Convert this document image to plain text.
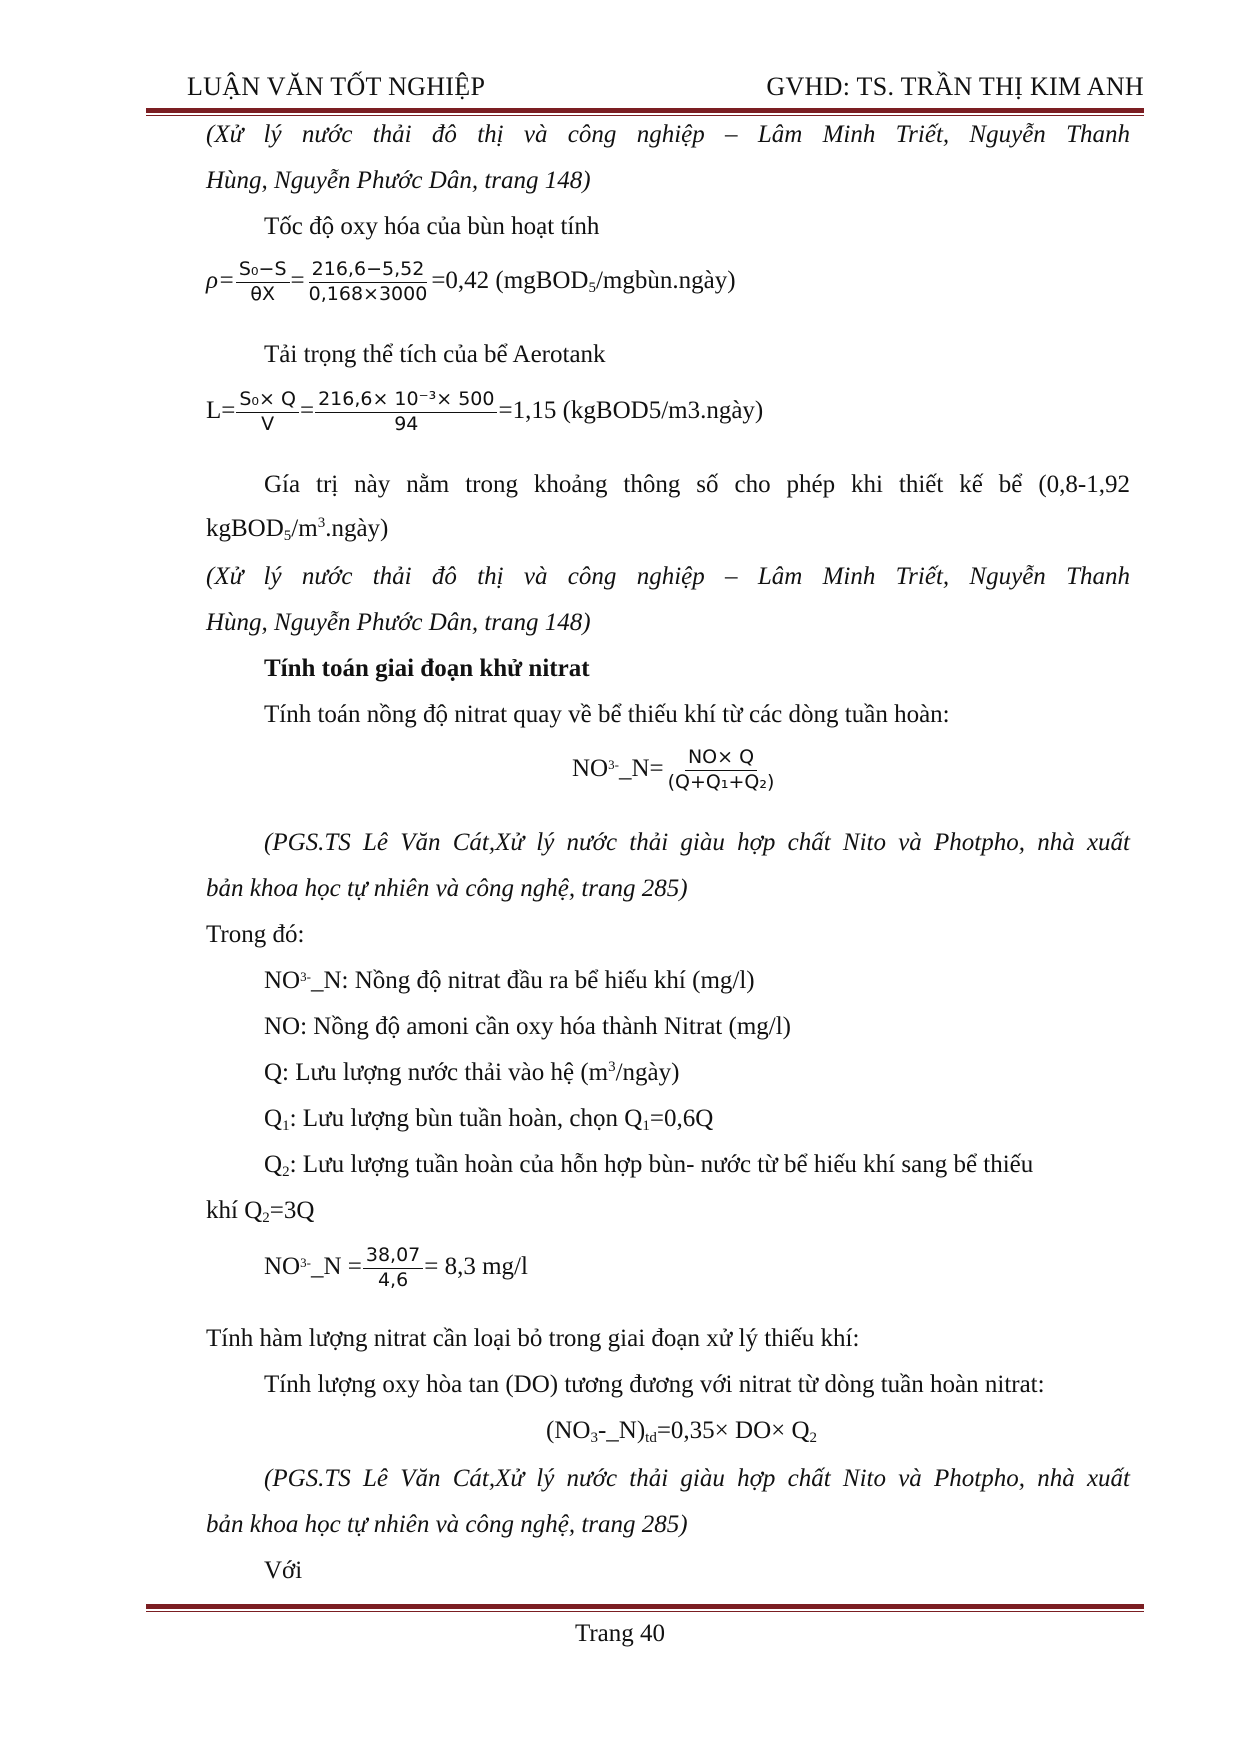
LUẬN VĂN TỐT NGHIỆP	GVHD: TS. TRẦN THỊ KIM ANH
(Xử lý nước thải đô thị và công nghiệp – Lâm Minh Triết, Nguyễn Thanh
Hùng, Nguyễn Phước Dân, trang 148)
Tốc độ oxy hóa của bùn hoạt tính
$\rho= \frac{\text{S₀−S}}{\theta X} = \frac{216,6-5,52}{0,168\times 3000} =0,42$ (mgBOD$_5$/mgbùn.ngày)
Tải trọng thể tích của bể Aerotank
$L= \frac{\text{S₀× Q}}{V} = \frac{\text{216,6× 10⁻³× 500}}{94} =1,15$ (kgBOD5/m3.ngày)
Gía trị này nằm trong khoảng thông số cho phép khi thiết kế bể (0,8-1,92
$kgBOD_5/m^3.ngày$)
(Xử lý nước thải đô thị và công nghiệp – Lâm Minh Triết, Nguyễn Thanh
Hùng, Nguyễn Phước Dân, trang 148)
Tính toán giai đoạn khử nitrat
Tính toán nồng độ nitrat quay về bể thiếu khí từ các dòng tuần hoàn:
$NO^{3-}\_N= \frac{NO\times Q}{\text{(Q+Q₁+Q₂)}}$
(PGS.TS Lê Văn Cát,Xử lý nước thải giàu hợp chất Nito và Photpho, nhà xuất
bản khoa học tự nhiên và công nghệ, trang 285)
Trong đó:
$NO^{3-}\_N$: Nồng độ nitrat đầu ra bể hiếu khí (mg/l)
NO: Nồng độ amoni cần oxy hóa thành Nitrat (mg/l)
Q: Lưu lượng nước thải vào hệ $(m^3/ngày)$
$Q_1$: Lưu lượng bùn tuần hoàn, chọn $Q_1=0,6Q$
$Q_2$: Lưu lượng tuần hoàn của hỗn hợp bùn- nước từ bể hiếu khí sang bể thiếu
khí $Q_2=3Q$
$NO^{3-}\_N = \frac{38,07}{4,6} = 8,3$ mg/l
Tính hàm lượng nitrat cần loại bỏ trong giai đoạn xử lý thiếu khí:
Tính lượng oxy hòa tan (DO) tương đương với nitrat từ dòng tuần hoàn nitrat:
$(NO_3-\_N)_{td}=0,35\times DO\times Q_2$
(PGS.TS Lê Văn Cát,Xử lý nước thải giàu hợp chất Nito và Photpho, nhà xuất
bản khoa học tự nhiên và công nghệ, trang 285)
Với
Trang 40
